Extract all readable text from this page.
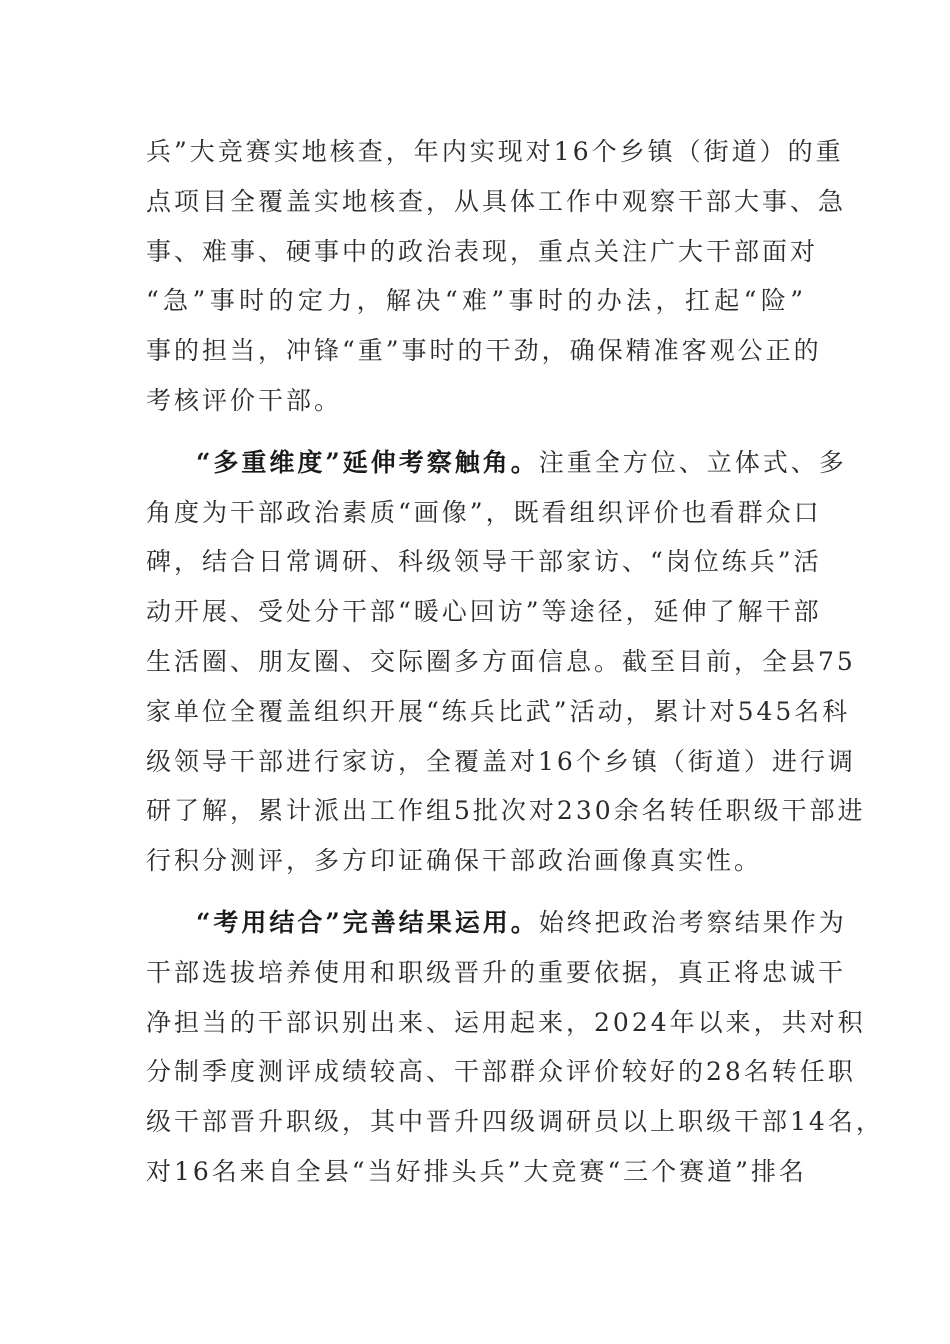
兵”大竞赛实地核查，年内实现对16个乡镇（街道）的重
点项目全覆盖实地核查，从具体工作中观察干部大事、急
事、难事、硬事中的政治表现，重点关注广大干部面对
“急”事时的定力，解决“难”事时的办法，扛起“险”
事的担当，冲锋“重”事时的干劲，确保精准客观公正的
考核评价干部。
“多重维度”延伸考察触角。注重全方位、立体式、多
角度为干部政治素质“画像”，既看组织评价也看群众口
碑，结合日常调研、科级领导干部家访、“岗位练兵”活
动开展、受处分干部“暖心回访”等途径，延伸了解干部
生活圈、朋友圈、交际圈多方面信息。截至目前，全县75
家单位全覆盖组织开展“练兵比武”活动，累计对545名科
级领导干部进行家访，全覆盖对16个乡镇（街道）进行调
研了解，累计派出工作组5批次对230余名转任职级干部进
行积分测评，多方印证确保干部政治画像真实性。
“考用结合”完善结果运用。始终把政治考察结果作为
干部选拔培养使用和职级晋升的重要依据，真正将忠诚干
净担当的干部识别出来、运用起来，2024年以来，共对积
分制季度测评成绩较高、干部群众评价较好的28名转任职
级干部晋升职级，其中晋升四级调研员以上职级干部14名，
对16名来自全县“当好排头兵”大竞赛“三个赛道”排名
